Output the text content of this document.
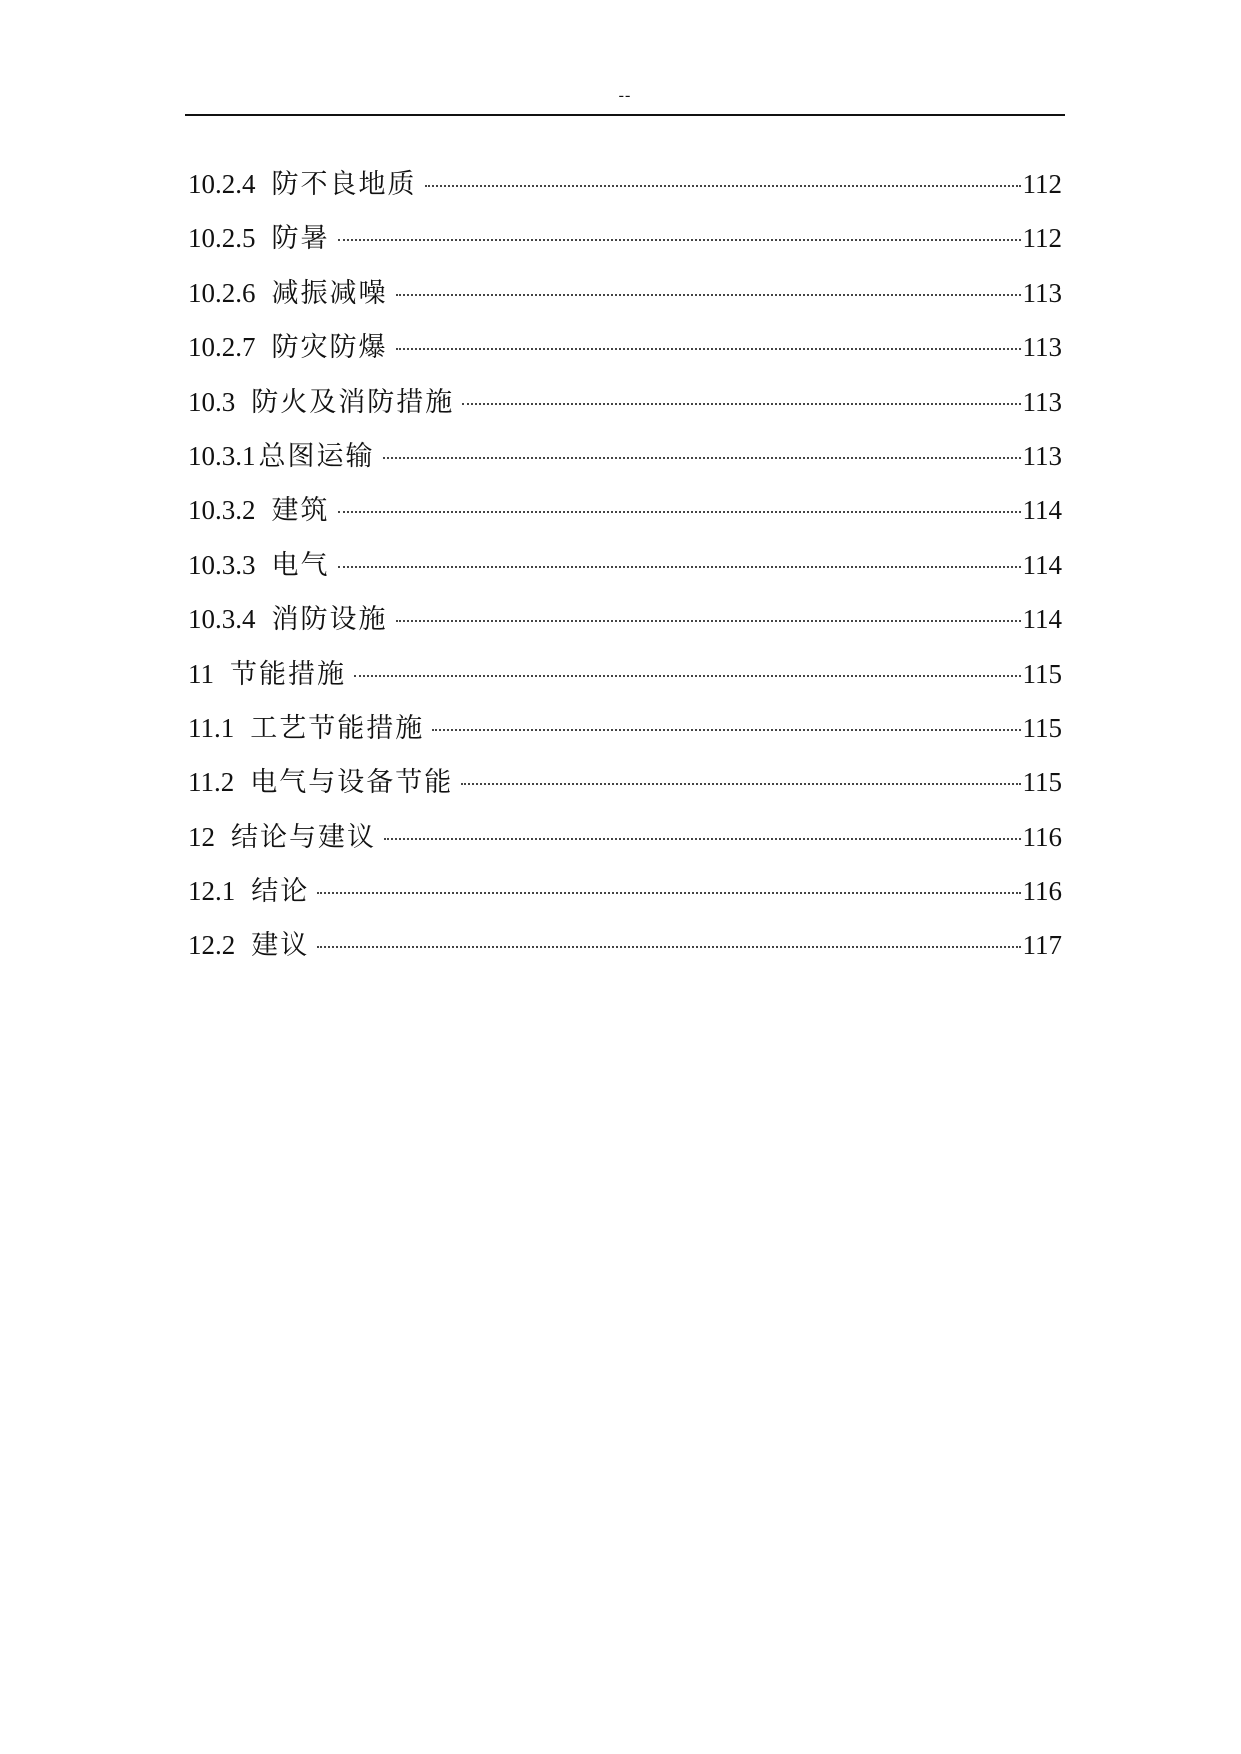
--
10.2.4 防不良地质	112
10.2.5 防暑	112
10.2.6 减振减噪	113
10.2.7 防灾防爆	113
10.3 防火及消防措施	113
10.3.1 总图运输	113
10.3.2 建筑	114
10.3.3 电气	114
10.3.4 消防设施	114
11 节能措施	115
11.1 工艺节能措施	115
11.2 电气与设备节能	115
12 结论与建议	116
12.1 结论	116
12.2 建议	117
